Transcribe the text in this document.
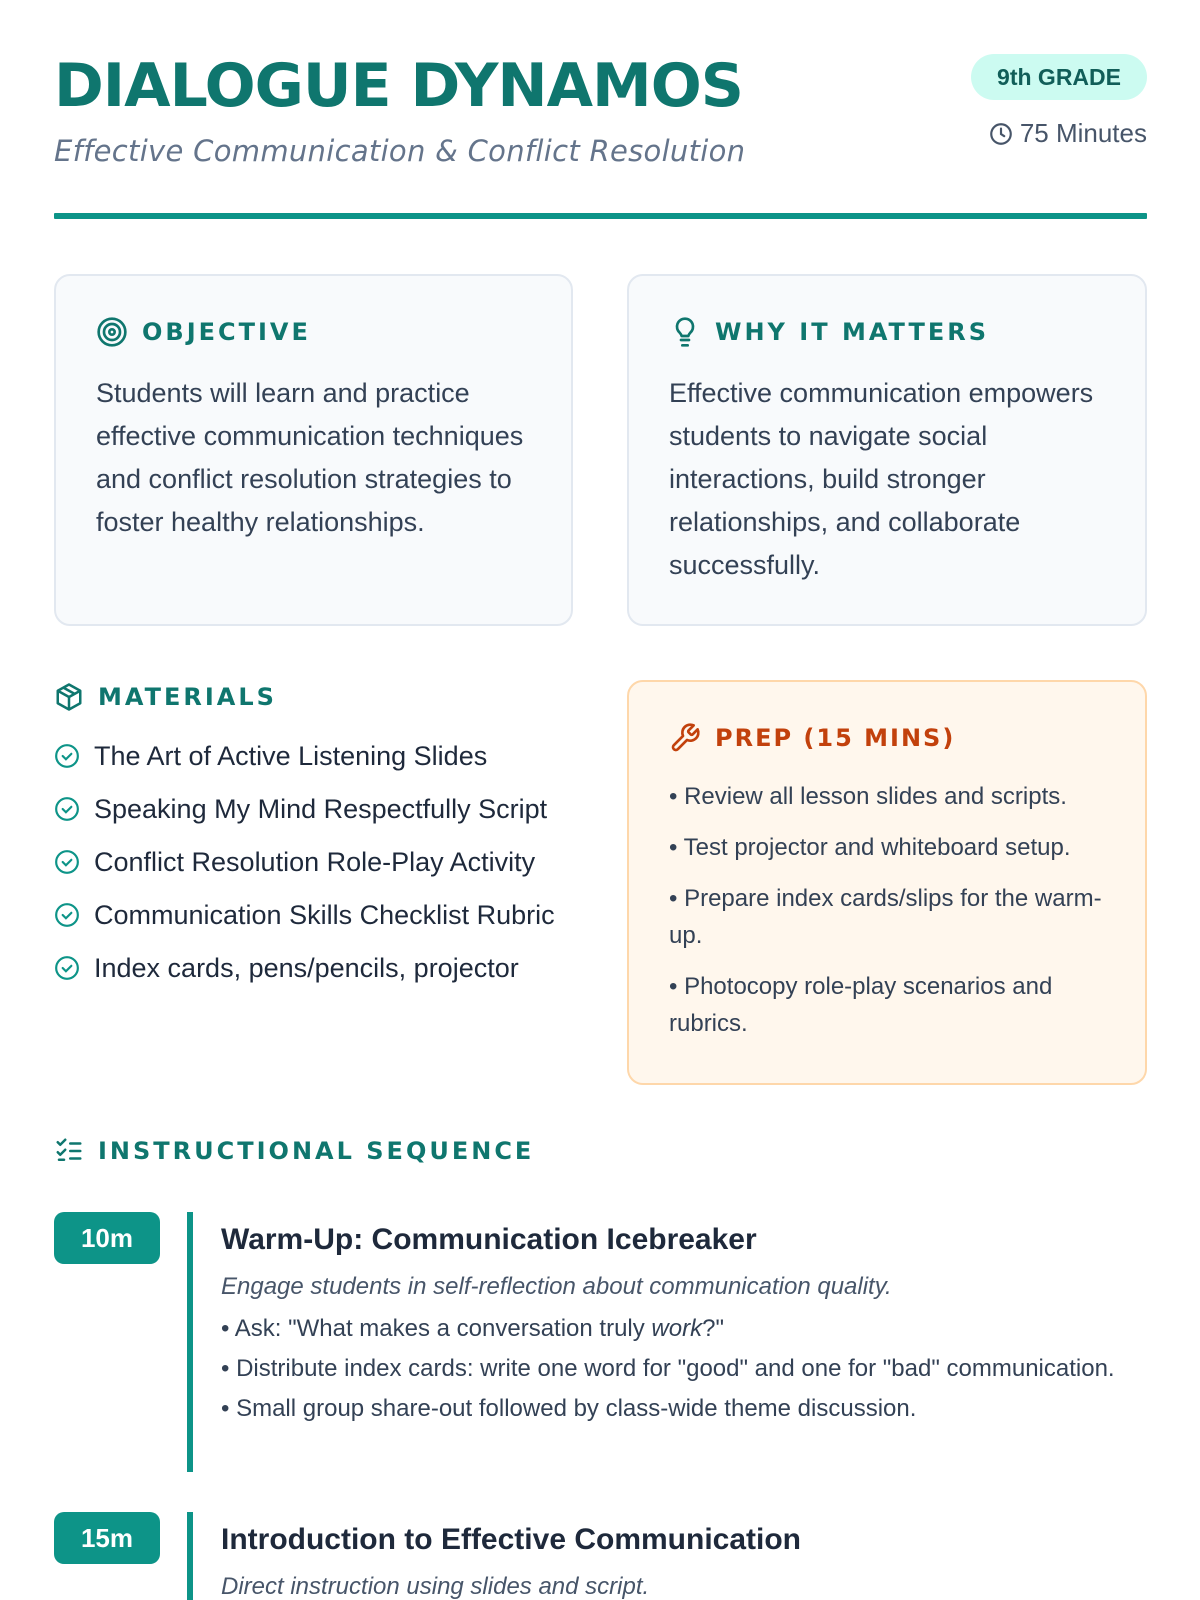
DIALOGUE DYNAMOS
Effective Communication & Conflict Resolution
9th GRADE
75 Minutes
OBJECTIVE

Students will learn and practice effective communication techniques and conflict resolution strategies to foster healthy relationships.

WHY IT MATTERS

Effective communication empowers students to navigate social interactions, build stronger relationships, and collaborate successfully.

MATERIALS
The Art of Active Listening Slides
Speaking My Mind Respectfully Script
Conflict Resolution Role-Play Activity
Communication Skills Checklist Rubric
Index cards, pens/pencils, projector
PREP (15 MINS)
• Review all lesson slides and scripts.
• Test projector and whiteboard setup.
• Prepare index cards/slips for the warm-up.
• Photocopy role-play scenarios and rubrics.
INSTRUCTIONAL SEQUENCE
10m	Warm-Up: Communication Icebreaker
Engage students in self-reflection about communication quality.
• Ask: "What makes a conversation truly work?"
• Distribute index cards: write one word for "good" and one for "bad" communication.
• Small group share-out followed by class-wide theme discussion.
15m	Introduction to Effective Communication
Direct instruction using slides and script.
